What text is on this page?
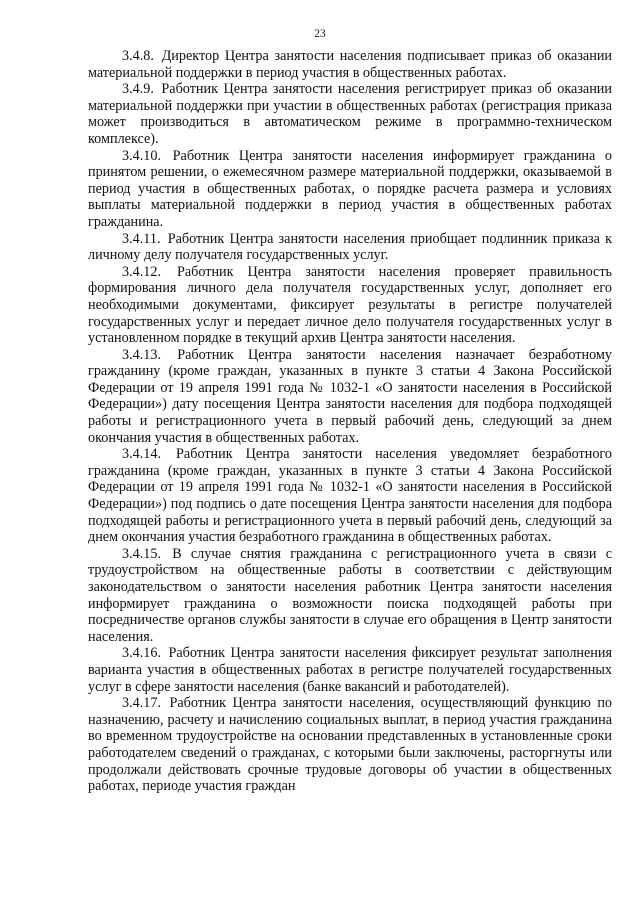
23

3.4.8. Директор Центра занятости населения подписывает приказ об оказании материальной поддержки в период участия в общественных работах.

3.4.9. Работник Центра занятости населения регистрирует приказ об оказании материальной поддержки при участии в общественных работах (регистрация приказа может производиться в автоматическом режиме в программно-техническом комплексе).

3.4.10. Работник Центра занятости населения информирует гражданина о принятом решении, о ежемесячном размере материальной поддержки, оказываемой в период участия в общественных работах, о порядке расчета размера и условиях выплаты материальной поддержки в период участия в общественных работах гражданина.

3.4.11. Работник Центра занятости населения приобщает подлинник приказа к личному делу получателя государственных услуг.

3.4.12. Работник Центра занятости населения проверяет правильность формирования личного дела получателя государственных услуг, дополняет его необходимыми документами, фиксирует результаты в регистре получателей государственных услуг и передает личное дело получателя государственных услуг в установленном порядке в текущий архив Центра занятости населения.

3.4.13. Работник Центра занятости населения назначает безработному гражданину (кроме граждан, указанных в пункте 3 статьи 4 Закона Российской Федерации от 19 апреля 1991 года № 1032-1 «О занятости населения в Российской Федерации») дату посещения Центра занятости населения для подбора подходящей работы и регистрационного учета в первый рабочий день, следующий за днем окончания участия в общественных работах.

3.4.14. Работник Центра занятости населения уведомляет безработного гражданина (кроме граждан, указанных в пункте 3 статьи 4 Закона Российской Федерации от 19 апреля 1991 года № 1032-1 «О занятости населения в Российской Федерации») под подпись о дате посещения Центра занятости населения для подбора подходящей работы и регистрационного учета в первый рабочий день, следующий за днем окончания участия безработного гражданина в общественных работах.

3.4.15. В случае снятия гражданина с регистрационного учета в связи с трудоустройством на общественные работы в соответствии с действующим законодательством о занятости населения работник Центра занятости населения информирует гражданина о возможности поиска подходящей работы при посредничестве органов службы занятости в случае его обращения в Центр занятости населения.

3.4.16. Работник Центра занятости населения фиксирует результат заполнения варианта участия в общественных работах в регистре получателей государственных услуг в сфере занятости населения (банке вакансий и работодателей).

3.4.17. Работник Центра занятости населения, осуществляющий функцию по назначению, расчету и начислению социальных выплат, в период участия гражданина во временном трудоустройстве на основании представленных в установленные сроки работодателем сведений о гражданах, с которыми были заключены, расторгнуты или продолжали действовать срочные трудовые договоры об участии в общественных работах, периоде участия граждан
